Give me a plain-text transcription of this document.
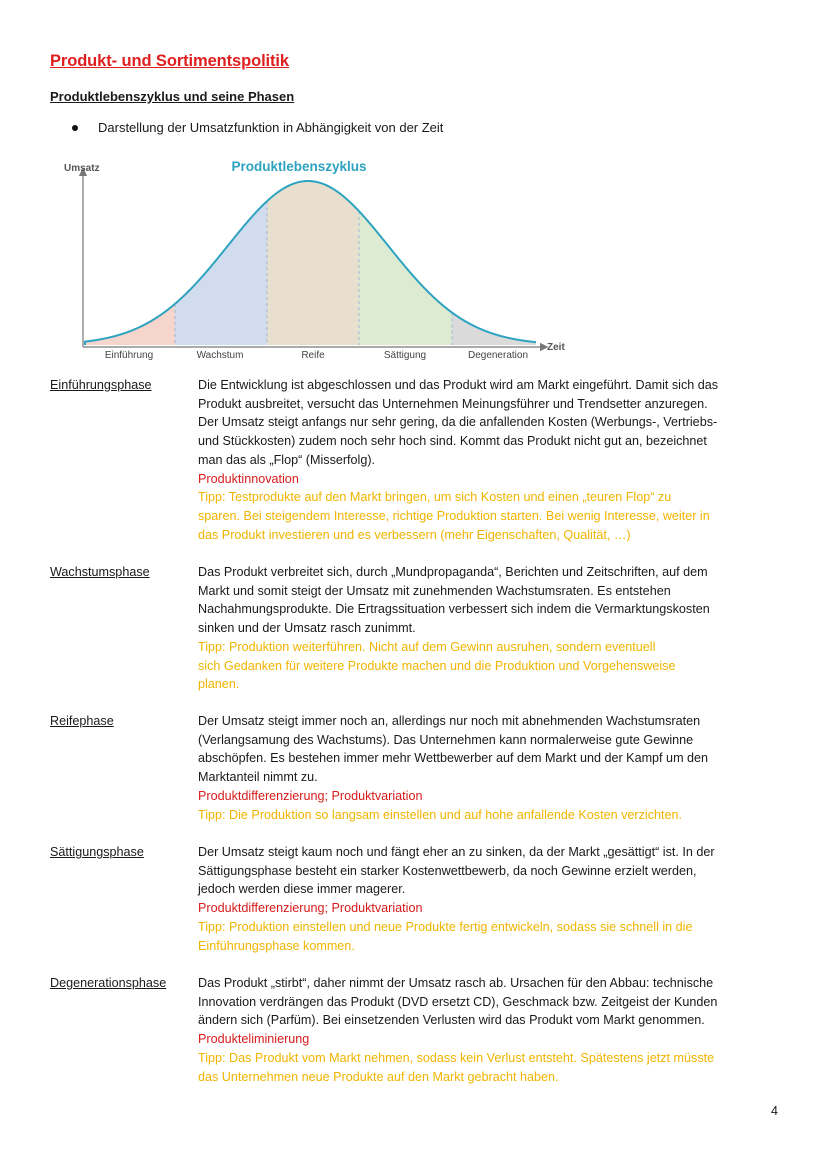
Produkt- und Sortimentspolitik
Produktlebenszyklus und seine Phasen
Darstellung der Umsatzfunktion in Abhängigkeit von der Zeit
Umsatz
Zeit
Produktlebenszyklus
Einführung	Wachstum	Reife	Sättigung	Degeneration
Einführungsphase	Die Entwicklung ist abgeschlossen und das Produkt wird am Markt eingeführt. Damit sich das

Produkt ausbreitet, versucht das Unternehmen Meinungsführer und Trendsetter anzuregen.

Der Umsatz steigt anfangs nur sehr gering, da die anfallenden Kosten (Werbungs-, Vertriebs-

und Stückkosten) zudem noch sehr hoch sind. Kommt das Produkt nicht gut an, bezeichnet

man das als „Flop“ (Misserfolg).

Produktinnovation

Tipp: Testprodukte auf den Markt bringen, um sich Kosten und einen „teuren Flop“ zu

sparen. Bei steigendem Interesse, richtige Produktion starten. Bei wenig Interesse, weiter in

das Produkt investieren und es verbessern (mehr Eigenschaften, Qualität, …)

Wachstumsphase	Das Produkt verbreitet sich, durch „Mundpropaganda“, Berichten und Zeitschriften, auf dem

Markt und somit steigt der Umsatz mit zunehmenden Wachstumsraten. Es entstehen

Nachahmungsprodukte. Die Ertragssituation verbessert sich indem die Vermarktungskosten

sinken und der Umsatz rasch zunimmt.

Tipp: Produktion weiterführen. Nicht auf dem Gewinn ausruhen, sondern eventuell

sich Gedanken für weitere Produkte machen und die Produktion und Vorgehensweise

planen.

Reifephase	Der Umsatz steigt immer noch an, allerdings nur noch mit abnehmenden Wachstumsraten

(Verlangsamung des Wachstums). Das Unternehmen kann normalerweise gute Gewinne

abschöpfen. Es bestehen immer mehr Wettbewerber auf dem Markt und der Kampf um den

Marktanteil nimmt zu.

Produktdifferenzierung; Produktvariation

Tipp: Die Produktion so langsam einstellen und auf hohe anfallende Kosten verzichten.

Sättigungsphase	Der Umsatz steigt kaum noch und fängt eher an zu sinken, da der Markt „gesättigt“ ist. In der

Sättigungsphase besteht ein starker Kostenwettbewerb, da noch Gewinne erzielt werden,

jedoch werden diese immer magerer.

Produktdifferenzierung; Produktvariation

Tipp: Produktion einstellen und neue Produkte fertig entwickeln, sodass sie schnell in die

Einführungsphase kommen.

Degenerationsphase	Das Produkt „stirbt“, daher nimmt der Umsatz rasch ab. Ursachen für den Abbau: technische

Innovation verdrängen das Produkt (DVD ersetzt CD), Geschmack bzw. Zeitgeist der Kunden

ändern sich (Parfüm). Bei einsetzenden Verlusten wird das Produkt vom Markt genommen.

Produkteliminierung

Tipp: Das Produkt vom Markt nehmen, sodass kein Verlust entsteht. Spätestens jetzt müsste

das Unternehmen neue Produkte auf den Markt gebracht haben.

4
